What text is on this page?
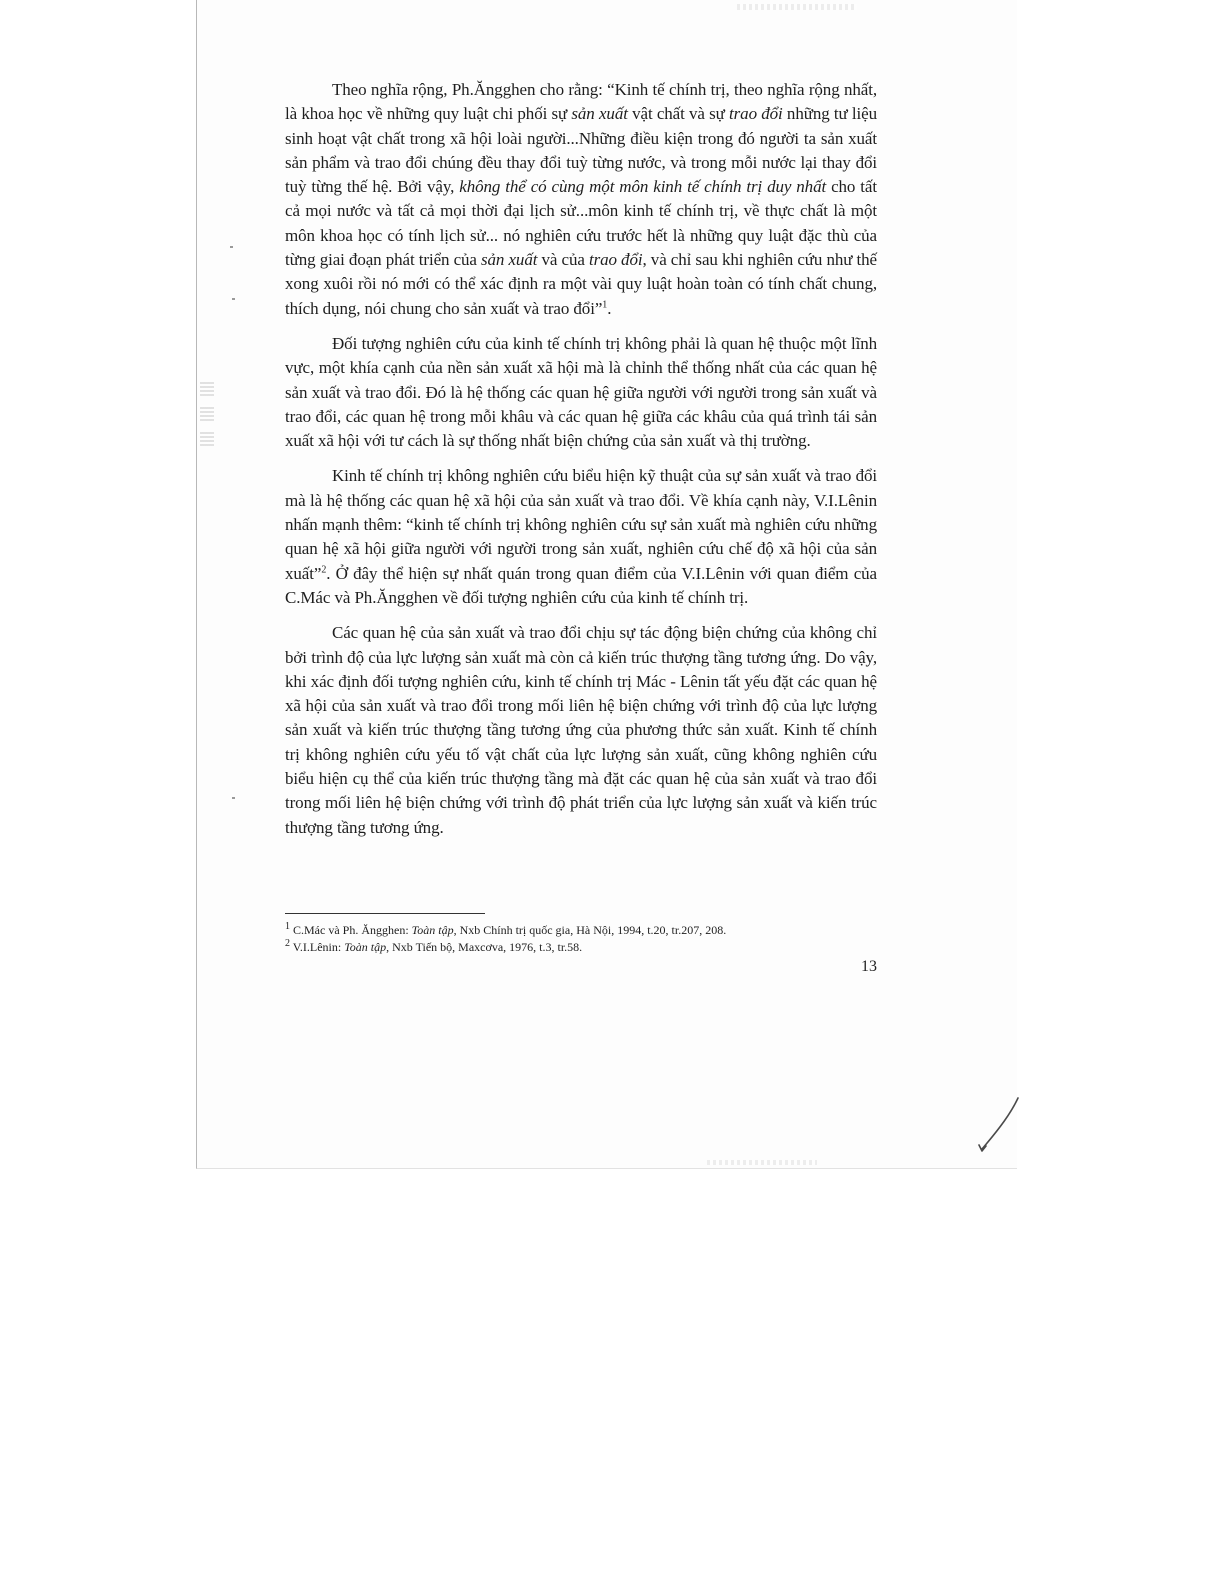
Theo nghĩa rộng, Ph.Ăngghen cho rằng: “Kinh tế chính trị, theo nghĩa rộng nhất, là khoa học về những quy luật chi phối sự sản xuất vật chất và sự trao đổi những tư liệu sinh hoạt vật chất trong xã hội loài người...Những điều kiện trong đó người ta sản xuất sản phẩm và trao đổi chúng đều thay đổi tuỳ từng nước, và trong mỗi nước lại thay đổi tuỳ từng thế hệ. Bởi vậy, không thể có cùng một môn kinh tế chính trị duy nhất cho tất cả mọi nước và tất cả mọi thời đại lịch sử...môn kinh tế chính trị, về thực chất là một môn khoa học có tính lịch sử... nó nghiên cứu trước hết là những quy luật đặc thù của từng giai đoạn phát triển của sản xuất và của trao đổi, và chỉ sau khi nghiên cứu như thế xong xuôi rồi nó mới có thể xác định ra một vài quy luật hoàn toàn có tính chất chung, thích dụng, nói chung cho sản xuất và trao đổi”$^1$.

Đối tượng nghiên cứu của kinh tế chính trị không phải là quan hệ thuộc một lĩnh vực, một khía cạnh của nền sản xuất xã hội mà là chỉnh thể thống nhất của các quan hệ sản xuất và trao đổi. Đó là hệ thống các quan hệ giữa người với người trong sản xuất và trao đổi, các quan hệ trong mỗi khâu và các quan hệ giữa các khâu của quá trình tái sản xuất xã hội với tư cách là sự thống nhất biện chứng của sản xuất và thị trường.

Kinh tế chính trị không nghiên cứu biểu hiện kỹ thuật của sự sản xuất và trao đổi mà là hệ thống các quan hệ xã hội của sản xuất và trao đổi. Về khía cạnh này, V.I.Lênin nhấn mạnh thêm: “kinh tế chính trị không nghiên cứu sự sản xuất mà nghiên cứu những quan hệ xã hội giữa người với người trong sản xuất, nghiên cứu chế độ xã hội của sản xuất”$^2$. Ở đây thể hiện sự nhất quán trong quan điểm của V.I.Lênin với quan điểm của C.Mác và Ph.Ăngghen về đối tượng nghiên cứu của kinh tế chính trị.

Các quan hệ của sản xuất và trao đổi chịu sự tác động biện chứng của không chỉ bởi trình độ của lực lượng sản xuất mà còn cả kiến trúc thượng tầng tương ứng. Do vậy, khi xác định đối tượng nghiên cứu, kinh tế chính trị Mác - Lênin tất yếu đặt các quan hệ xã hội của sản xuất và trao đổi trong mối liên hệ biện chứng với trình độ của lực lượng sản xuất và kiến trúc thượng tầng tương ứng của phương thức sản xuất. Kinh tế chính trị không nghiên cứu yếu tố vật chất của lực lượng sản xuất, cũng không nghiên cứu biểu hiện cụ thể của kiến trúc thượng tầng mà đặt các quan hệ của sản xuất và trao đổi trong mối liên hệ biện chứng với trình độ phát triển của lực lượng sản xuất và kiến trúc thượng tầng tương ứng.

$^1$ C.Mác và Ph. Ăngghen: Toàn tập, Nxb Chính trị quốc gia, Hà Nội, 1994, t.20, tr.207, 208.

$^2$ V.I.Lênin: Toàn tập, Nxb Tiến bộ, Maxcơva, 1976, t.3, tr.58.

13
